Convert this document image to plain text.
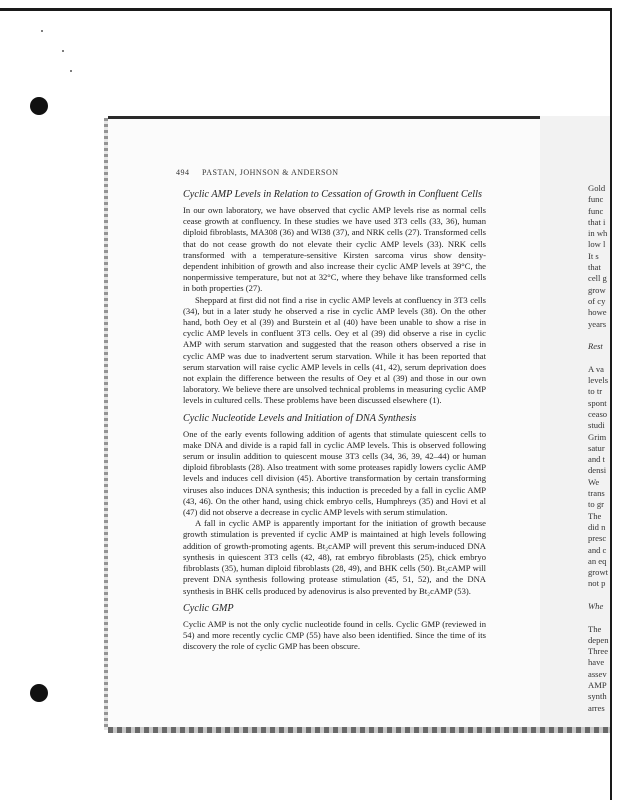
494 PASTAN, JOHNSON & ANDERSON
Cyclic AMP Levels in Relation to Cessation of Growth in Confluent Cells

In our own laboratory, we have observed that cyclic AMP levels rise as normal cells cease growth at confluency. In these studies we have used 3T3 cells (33, 36), human diploid fibroblasts, MA308 (36) and WI38 (37), and NRK cells (27). Transformed cells that do not cease growth do not elevate their cyclic AMP levels (33). NRK cells transformed with a temperature-sensitive Kirsten sarcoma virus show density-dependent inhibition of growth and also increase their cyclic AMP levels at 39°C, the nonpermissive temperature, but not at 32°C, where they behave like transformed cells in both properties (27).

Sheppard at first did not find a rise in cyclic AMP levels at confluency in 3T3 cells (34), but in a later study he observed a rise in cyclic AMP levels (38). On the other hand, both Oey et al (39) and Burstein et al (40) have been unable to show a rise in cyclic AMP levels in confluent 3T3 cells. Oey et al (39) did observe a rise in cyclic AMP with serum starvation and suggested that the reason others observed a rise in cyclic AMP was due to inadvertent serum starvation. While it has been reported that serum starvation will raise cyclic AMP levels in cells (41, 42), serum deprivation does not explain the difference between the results of Oey et al (39) and those in our own laboratory. We believe there are unsolved technical problems in measuring cyclic AMP levels in cultured cells. These problems have been discussed elsewhere (1).

Cyclic Nucleotide Levels and Initiation of DNA Synthesis

One of the early events following addition of agents that stimulate quiescent cells to make DNA and divide is a rapid fall in cyclic AMP levels. This is observed following serum or insulin addition to quiescent mouse 3T3 cells (34, 36, 39, 42–44) or human diploid fibroblasts (28). Also treatment with some proteases rapidly lowers cyclic AMP levels and induces cell division (45). Abortive transformation by certain transforming viruses also induces DNA synthesis; this induction is preceded by a fall in cyclic AMP (43, 46). On the other hand, using chick embryo cells, Humphreys (35) and Hovi et al (47) did not observe a decrease in cyclic AMP levels with serum stimulation.

A fall in cyclic AMP is apparently important for the initiation of growth because growth stimulation is prevented if cyclic AMP is maintained at high levels following addition of growth-promoting agents. Bt₂cAMP will prevent this serum-induced DNA synthesis in quiescent 3T3 cells (42, 48), rat embryo fibroblasts (25), chick embryo fibroblasts (35), human diploid fibroblasts (28, 49), and BHK cells (50). Bt₂cAMP will prevent DNA synthesis following protease stimulation (45, 51, 52), and the DNA synthesis in BHK cells produced by adenovirus is also prevented by Bt₂cAMP (53).

Cyclic GMP

Cyclic AMP is not the only cyclic nucleotide found in cells. Cyclic GMP (reviewed in 54) and more recently cyclic CMP (55) have also been identified. Since the time of its discovery the role of cyclic GMP has been obscure.

Gold
func
func
that i
in wh
low l
It s
that
cell g
grow
of cy
howe
years
Rest
A va
levels
to tr
spont
ceaso
studi
Grim
satur
and t
densi
We
trans
to gr
The
did n
presc
and c
an eq
growt
not p
Whe
The
depen
Three
have
assev
AMP
synth
arres
